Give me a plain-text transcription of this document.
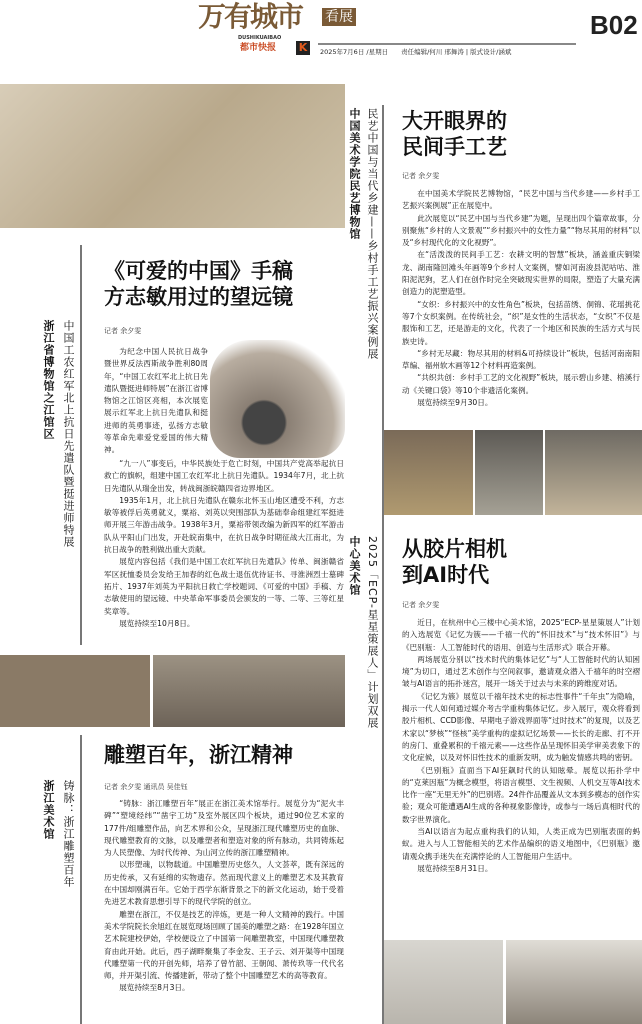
万有城市 看展
DUSHIKUAIBAO
都市快报 K	2025年7月6日 /星期日　　责任编辑/何川 邢舞涛 | 版式设计/涵斌
B02
浙江省博物馆之江馆区 中国工农红军北上抗日先遣队暨挺进师特展
《可爱的中国》手稿
方志敏用过的望远镜
记者 余夕雯

为纪念中国人民抗日战争暨世界反法西斯战争胜利80周年，“中国工农红军北上抗日先遣队暨挺进师特展”在浙江省博物馆之江馆区亮相，本次展览展示红军北上抗日先遣队和挺进师的英勇事迹，弘扬方志敏等革命先辈爱党爱国的伟大精神。

“九一八”事变后，中华民族处于危亡时刻，中国共产党高举起抗日救亡的旗帜，组建中国工农红军北上抗日先遣队。1934年7月，北上抗日先遣队从瑞金出发，转战闽浙皖赣四省边界地区。

1935年1月，北上抗日先遣队在赣东北怀玉山地区遭受不利，方志敏等被俘后英勇就义，粟裕、刘英以突围部队为基础奉命组建红军挺进师开展三年游击战争。1938年3月，粟裕带领改编为新四军的红军游击队从平阳山门出发，开赴皖南集中，在抗日战争时期征战大江南北，为抗日战争的胜利做出重大贡献。

展览内容包括《我们是中国工农红军抗日先遣队》传单、闽浙赣省军区抚恤委员会发给王加春的红色战士退伍优待证书、寻淮洲烈士墓碑拓片、1937年刘英为平阳抗日救亡学校题词、《可爱的中国》手稿、方志敏使用的望远镜、中央革命军事委员会颁发的一等、二等、三等红星奖章等。

展览持续至10月8日。

浙江美术馆 铸脉：浙江雕塑百年
雕塑百年，浙江精神
记者 余夕雯 通讯员 吴佳钰

“铸脉：浙江雕塑百年”展正在浙江美术馆举行。展览分为“泥火丰碑”“塑境经纬”“凿宇工坊”及室外展区四个板块，通过90位艺术家的177件/组雕塑作品，向艺术界和公众，呈现浙江现代雕塑历史的血脉、现代雕塑教育的文脉，以及雕塑者和塑造对象的所有脉动，共同铸炼起为人民塑像、为时代传神、为山河立传的浙江雕塑精神。

以形塑魂，以物载道。中国雕塑历史悠久，人文荟萃，既有深远的历史传承，又有延绵的实物遗存。然而现代意义上的雕塑艺术及其教育在中国却刚满百年。它始于西学东渐背景之下的新文化运动，始于受着先进艺术教育思想引导下的现代学院的创立。

雕塑在浙江，不仅是技艺的淬炼，更是一种人文精神的践行。中国美术学院院长余旭红在展览现场回顾了国美的雕塑之路：在1928年国立艺术院建校伊始，学校便设立了中国第一间雕塑教室，中国现代雕塑教育由此开始。此后，西子湖畔聚集了李金发、王子云、刘开渠等中国现代雕塑第一代的开创先师，培养了曾竹韶、王朝闻、萧传玖等一代代名师，并开渠引流、传播建新，带动了整个中国雕塑艺术的高等教育。

展览持续至8月3日。

中国美术学院民艺博物馆 民艺中国与当代乡建——乡村手工艺振兴案例展 大开眼界的
民间手工艺
记者 余夕雯

在中国美术学院民艺博物馆，“民艺中国与当代乡建——乡村手工艺振兴案例展”正在展览中。

此次展览以“民艺中国与当代乡建”为题，呈现出四个篇章故事，分别聚焦“乡村的人文景观”“乡村振兴中的女性力量”“物尽其用的材料”以及“乡村现代化的文化视野”。

在“活泼泼的民间手工艺：农耕文明的智慧”板块，涵盖重庆铜梁龙、湖南隆回滩头年画等9个乡村人文案例，譬如河南浚县泥咕咕、淮阳泥泥狗，艺人们在创作时完全突破现实世界的局限，塑造了大量充满创造力的泥塑造型。

“女织：乡村振兴中的女性角色”板块，包括苗绣、侗锦、花瑶挑花等7个女织案例。在传统社会，“织”是女性的生活状态，“女织”不仅是服饰和工艺，还是游走的文化，代表了一个地区和民族的生活方式与民族史诗。

“乡村无尽藏：物尽其用的材料&可持续设计”板块，包括河南南阳草编、福州软木画等12个材料再造案例。

“共织共创：乡村手工艺的文化视野”板块，展示碧山乡建、榕溪行动《关键口袋》等10个非遗活化案例。

展览持续至9月30日。

中心美术馆 2025「ECP-星星策展人」计划双展 从胶片相机
到AI时代
记者 余夕雯

近日，在杭州中心三楼中心美术馆，2025“ECP-星星策展人”计划的入选展览《记忆为簇——千禧一代的“怀旧技术”与“技术怀旧”》与《巴别瓶：人工智能时代的语用、创造与生活形式》联合开幕。

两场展览分别以“技术时代的集体记忆”与“人工智能时代的认知困境”为切口，通过艺术创作与空间叙事，邀请观众潜入千禧年的时空褶皱与AI语言的拓扑迷宫，展开一场关于过去与未来的跨维度对话。

《记忆为簇》展览以千禧年技术史的标志性事件“千年虫”为隐喻，揭示一代人如何通过媒介考古学重构集体记忆。步入展厅，观众将看到胶片相机、CCD影像、早期电子游戏界面等“过时技术”的复现，以及艺术家以“梦核”“怪核”美学重构的虚拟记忆场景——长长的走廊、打不开的房门、重叠累积的千禧元素——这些作品呈现怀旧美学审美表象下的文化症候，以及对怀旧性技术的重新发明，成为触发情感共鸣的密钥。

《巴别瓶》直面当下AI狂飙时代的认知眩晕。展览以拓扑学中的“克莱因瓶”为概念模型，将语言模型、文生视频、人机交互等AI技术比作一座“无里无外”的巴别塔。24件作品覆盖从文本到多模态的创作实验；观众可能遭遇AI生成的各种视象影像诗，或参与一场后真相时代的数字世界演化。

当AI以语言为起点重构我们的认知，人类正成为巴别瓶表面的蚂蚁。进入与人工智能相关的艺术作品编织的语义地图中，《巴别瓶》邀请观众携手迷失在充满悖论的人工智能用户生活中。

展览持续至8月31日。
